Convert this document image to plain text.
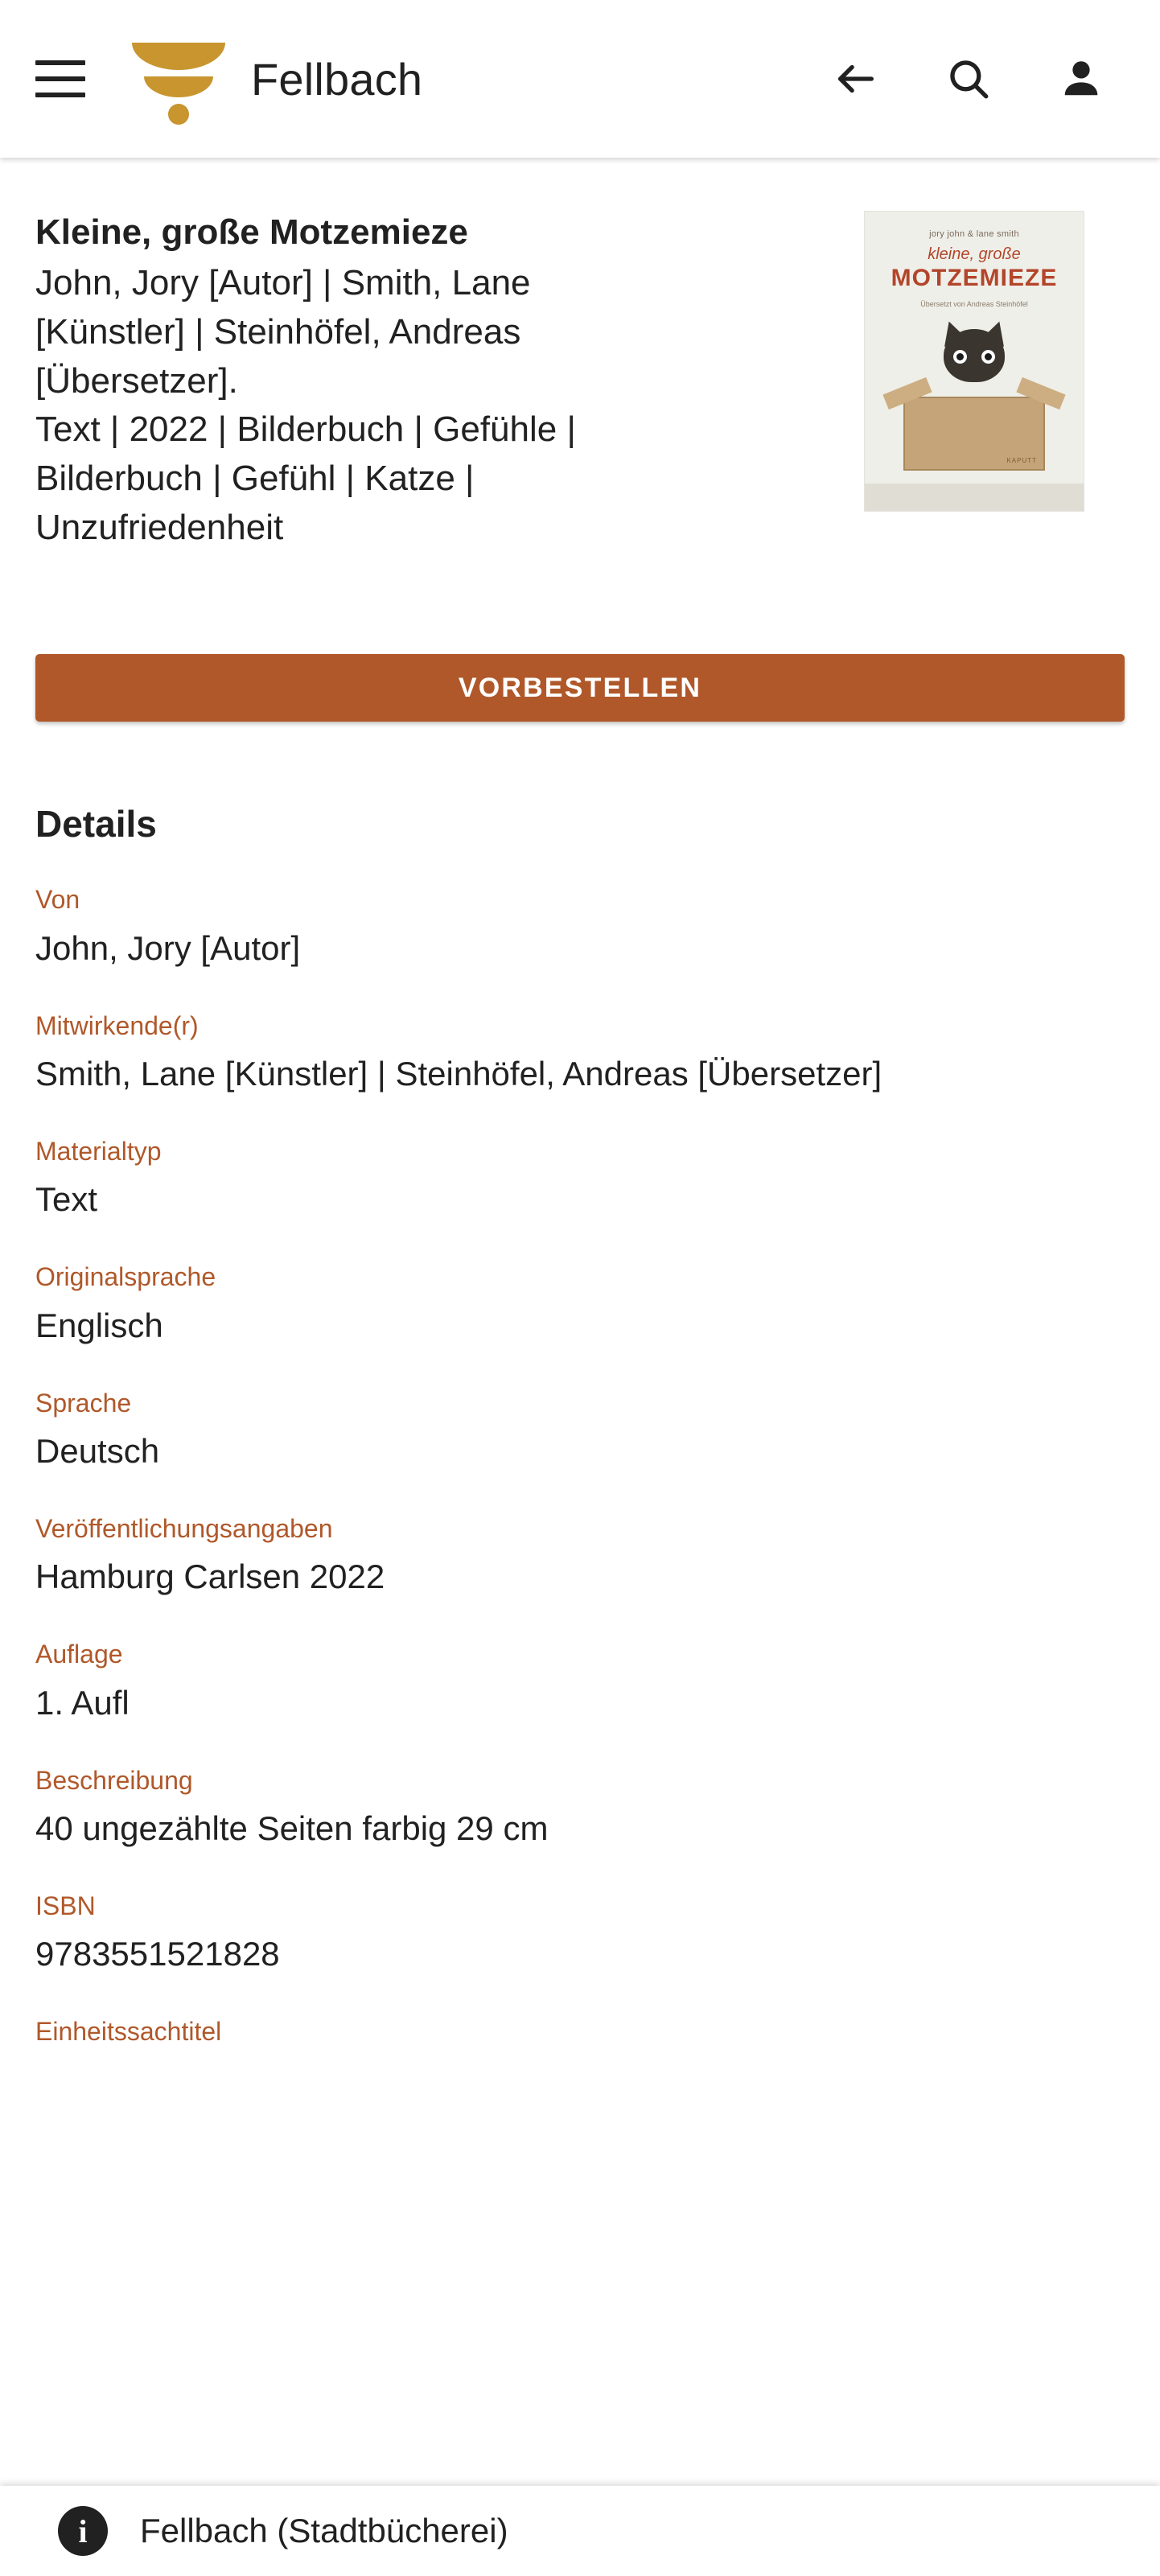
Fellbach
Kleine, große Motzemieze
John, Jory [Autor] | Smith, Lane
[Künstler] | Steinhöfel, Andreas
[Übersetzer].
Text | 2022 | Bilderbuch | Gefühle |
Bilderbuch | Gefühl | Katze |
Unzufriedenheit
jory john & lane smith
kleine, große
MOTZEMIEZE
Übersetzt von Andreas Steinhöfel
KAPUTT
VORBESTELLEN
Details
Von
John, Jory [Autor]
Mitwirkende(r)
Smith, Lane [Künstler] | Steinhöfel, Andreas [Übersetzer]
Materialtyp
Text
Originalsprache
Englisch
Sprache
Deutsch
Veröffentlichungsangaben
Hamburg Carlsen 2022
Auflage
1. Aufl
Beschreibung
40 ungezählte Seiten farbig 29 cm
ISBN
9783551521828
Einheitssachtitel
i	Fellbach (Stadtbücherei)
